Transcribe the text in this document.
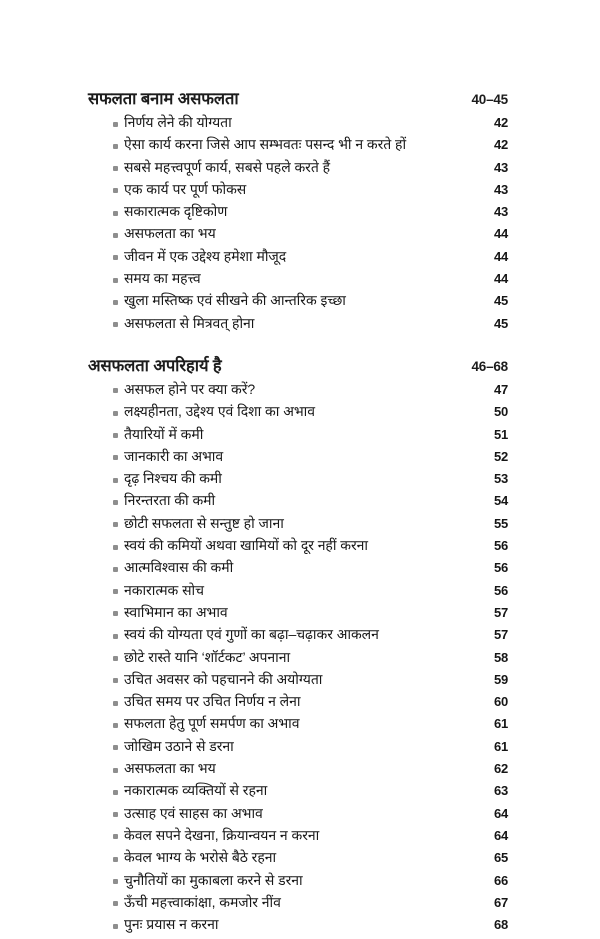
सफलता बनाम असफलता	40–45
निर्णय लेने की योग्यता	42
ऐसा कार्य करना जिसे आप सम्भवतः पसन्द भी न करते हों	42
सबसे महत्त्वपूर्ण कार्य, सबसे पहले करते हैं	43
एक कार्य पर पूर्ण फोकस	43
सकारात्मक दृष्टिकोण	43
असफलता का भय	44
जीवन में एक उद्देश्य हमेशा मौजूद	44
समय का महत्त्व	44
खुला मस्तिष्क एवं सीखने की आन्तरिक इच्छा	45
असफलता से मित्रवत् होना	45
असफलता अपरिहार्य है	46–68
असफल होने पर क्या करें?	47
लक्ष्यहीनता, उद्देश्य एवं दिशा का अभाव	50
तैयारियों में कमी	51
जानकारी का अभाव	52
दृढ़ निश्चय की कमी	53
निरन्तरता की कमी	54
छोटी सफलता से सन्तुष्ट हो जाना	55
स्वयं की कमियों अथवा खामियों को दूर नहीं करना	56
आत्मविश्वास की कमी	56
नकारात्मक सोच	56
स्वाभिमान का अभाव	57
स्वयं की योग्यता एवं गुणों का बढ़ा–चढ़ाकर आकलन	57
छोटे रास्ते यानि ‘शॉर्टकट’ अपनाना	58
उचित अवसर को पहचानने की अयोग्यता	59
उचित समय पर उचित निर्णय न लेना	60
सफलता हेतु पूर्ण समर्पण का अभाव	61
जोखिम उठाने से डरना	61
असफलता का भय	62
नकारात्मक व्यक्तियों से रहना	63
उत्साह एवं साहस का अभाव	64
केवल सपने देखना, क्रियान्वयन न करना	64
केवल भाग्य के भरोसे बैठे रहना	65
चुनौतियों का मुकाबला करने से डरना	66
ऊँची महत्त्वाकांक्षा, कमजोर नींव	67
पुनः प्रयास न करना	68
